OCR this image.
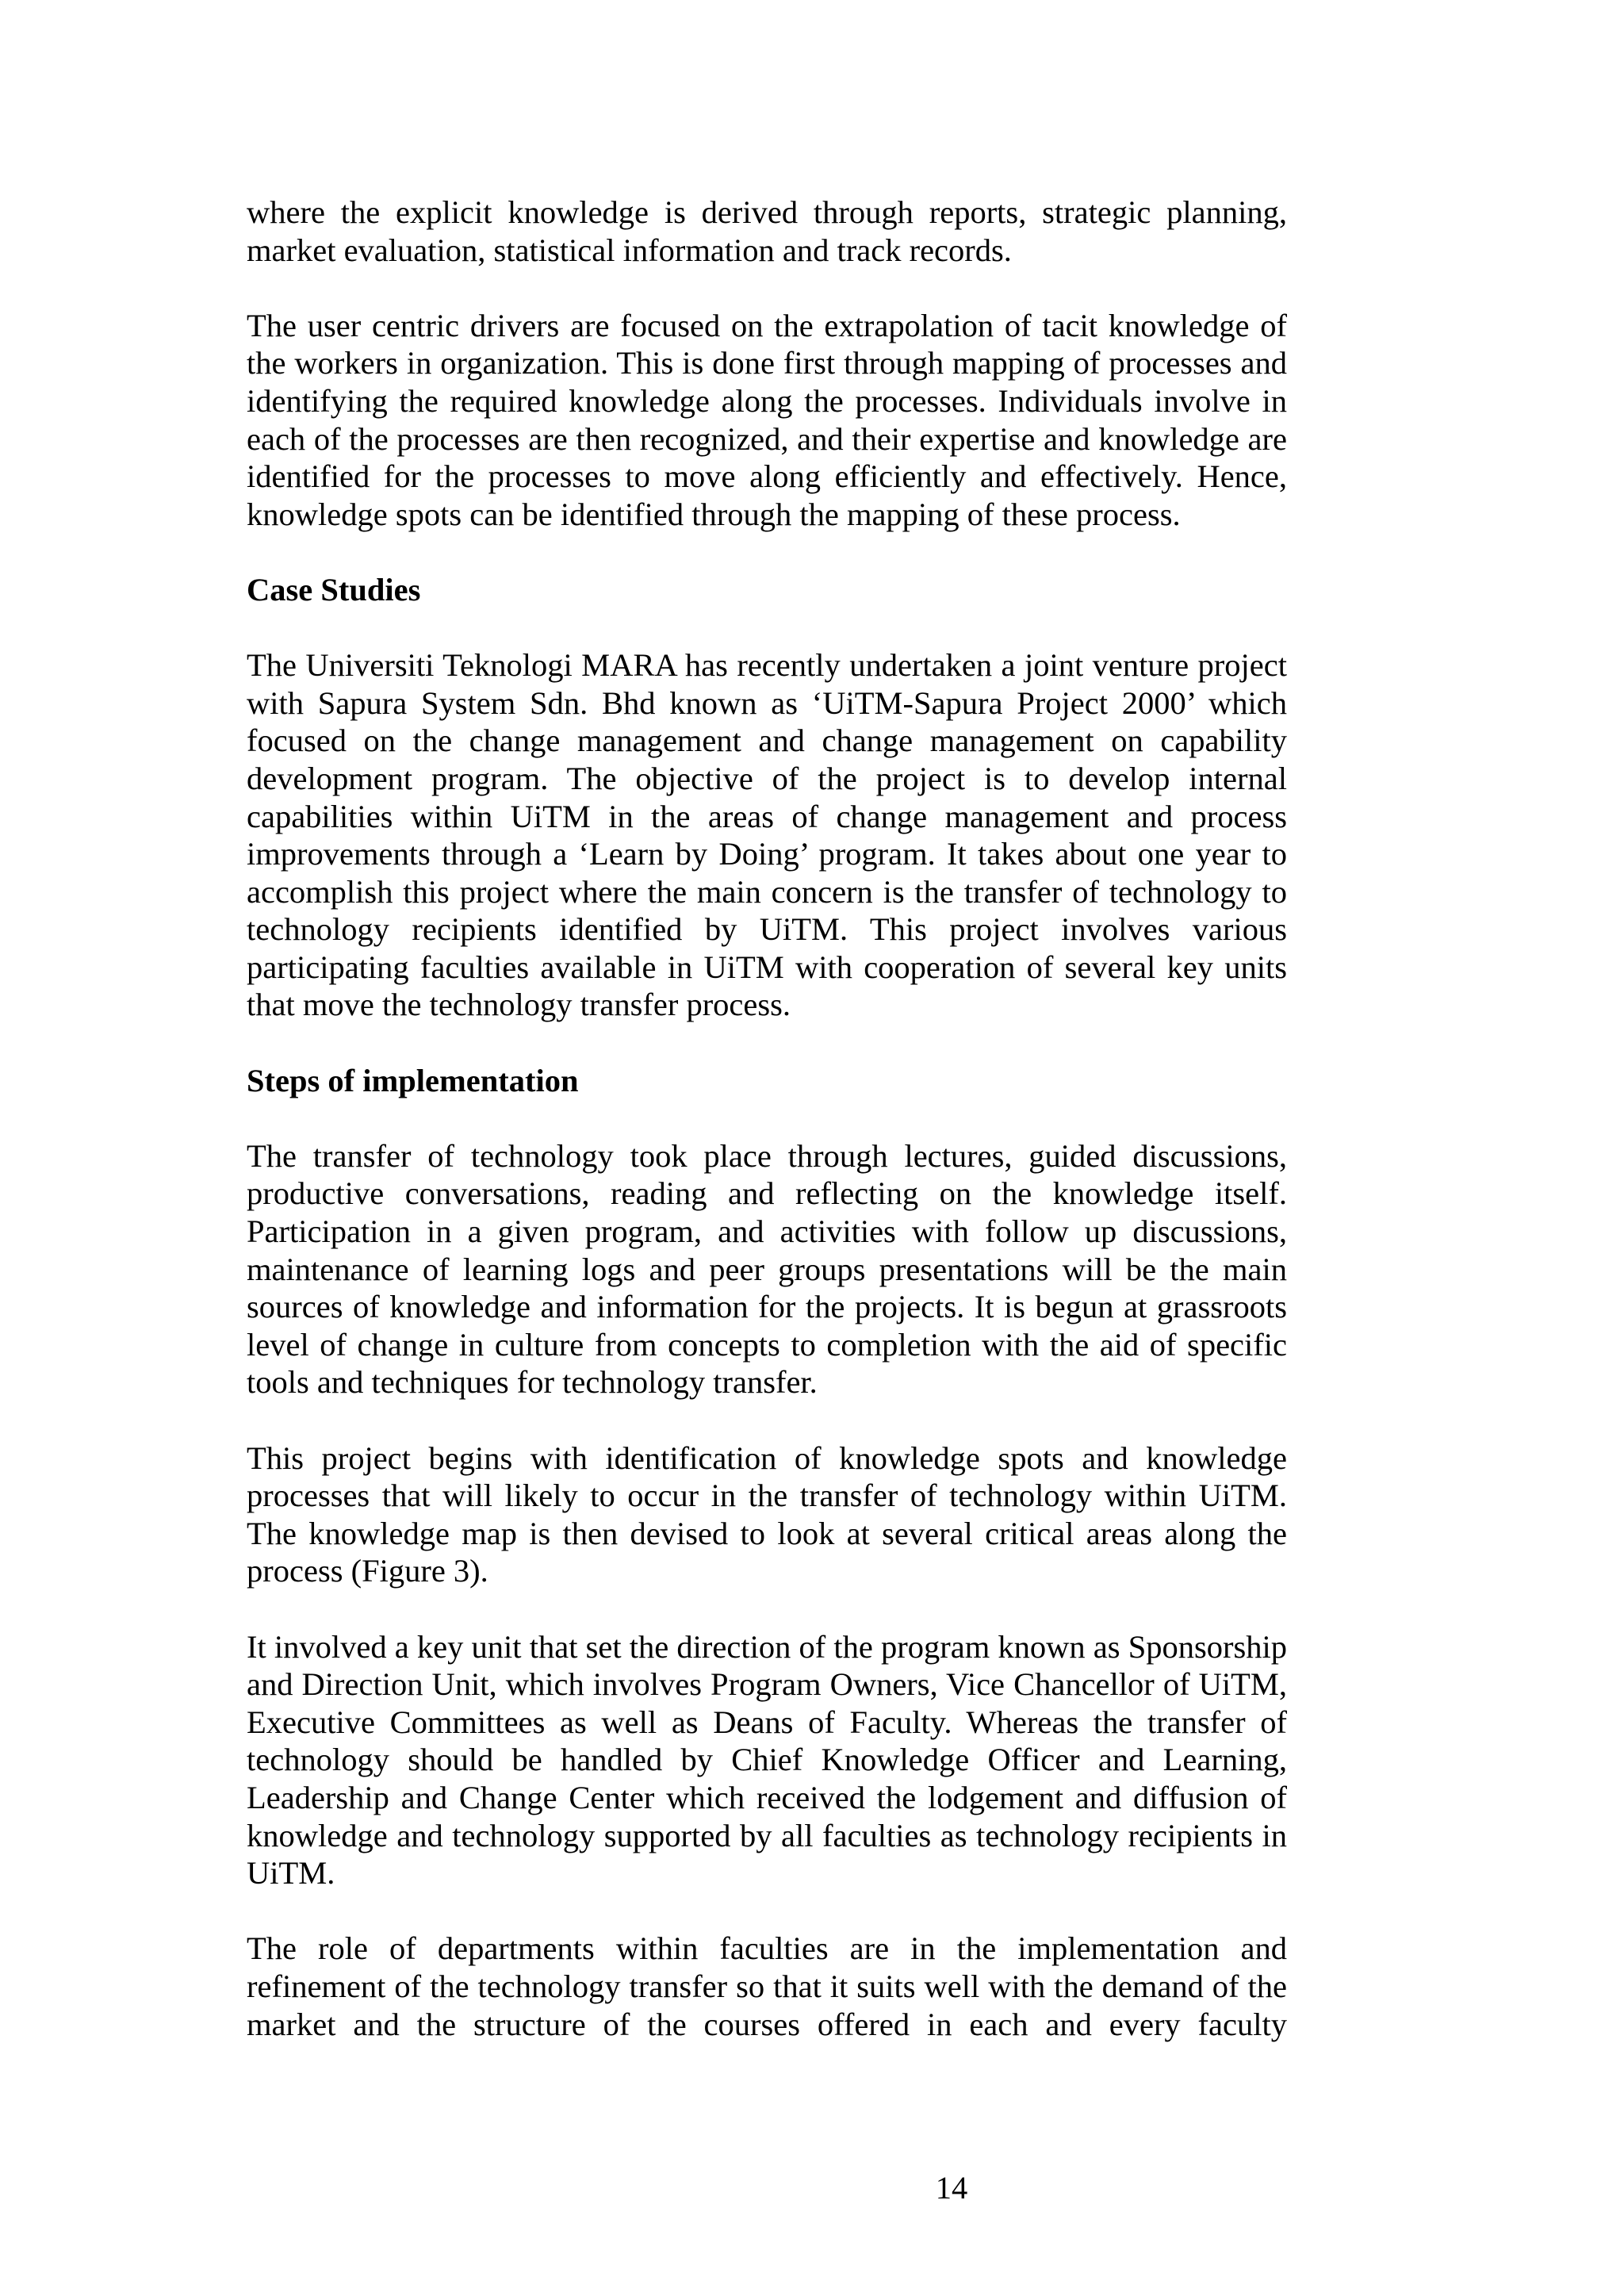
where the explicit knowledge is derived through reports, strategic planning, market evaluation, statistical information and track records.

The user centric drivers are focused on the extrapolation of tacit knowledge of the workers in organization. This is done first through mapping of processes and identifying the required knowledge along the processes. Individuals involve in each of the processes are then recognized, and their expertise and knowledge are identified for the processes to move along efficiently and effectively. Hence, knowledge spots can be identified through the mapping of these process.

Case Studies

The Universiti Teknologi MARA has recently undertaken a joint venture project with Sapura System Sdn. Bhd known as ‘UiTM-Sapura Project 2000’ which focused on the change management and change management on capability development program. The objective of the project is to develop internal capabilities within UiTM in the areas of change management and process improvements through a ‘Learn by Doing’ program. It takes about one year to accomplish this project where the main concern is the transfer of technology to technology recipients identified by UiTM. This project involves various participating faculties available in UiTM with cooperation of several key units that move the technology transfer process.

Steps of implementation

The transfer of technology took place through lectures, guided discussions, productive conversations, reading and reflecting on the knowledge itself. Participation in a given program, and activities with follow up discussions, maintenance of learning logs and peer groups presentations will be the main sources of knowledge and information for the projects. It is begun at grassroots level of change in culture from concepts to completion with the aid of specific tools and techniques for technology transfer.

This project begins with identification of knowledge spots and knowledge processes that will likely to occur in the transfer of technology within UiTM. The knowledge map is then devised to look at several critical areas along the process (Figure 3).

It involved a key unit that set the direction of the program known as Sponsorship and Direction Unit, which involves Program Owners, Vice Chancellor of UiTM, Executive Committees as well as Deans of Faculty. Whereas the transfer of technology should be handled by Chief Knowledge Officer and Learning, Leadership and Change Center which received the lodgement and diffusion of knowledge and technology supported by all faculties as technology recipients in UiTM.

The role of departments within faculties are in the implementation and refinement of the technology transfer so that it suits well with the demand of the market and the structure of the courses offered in each and every faculty

14
